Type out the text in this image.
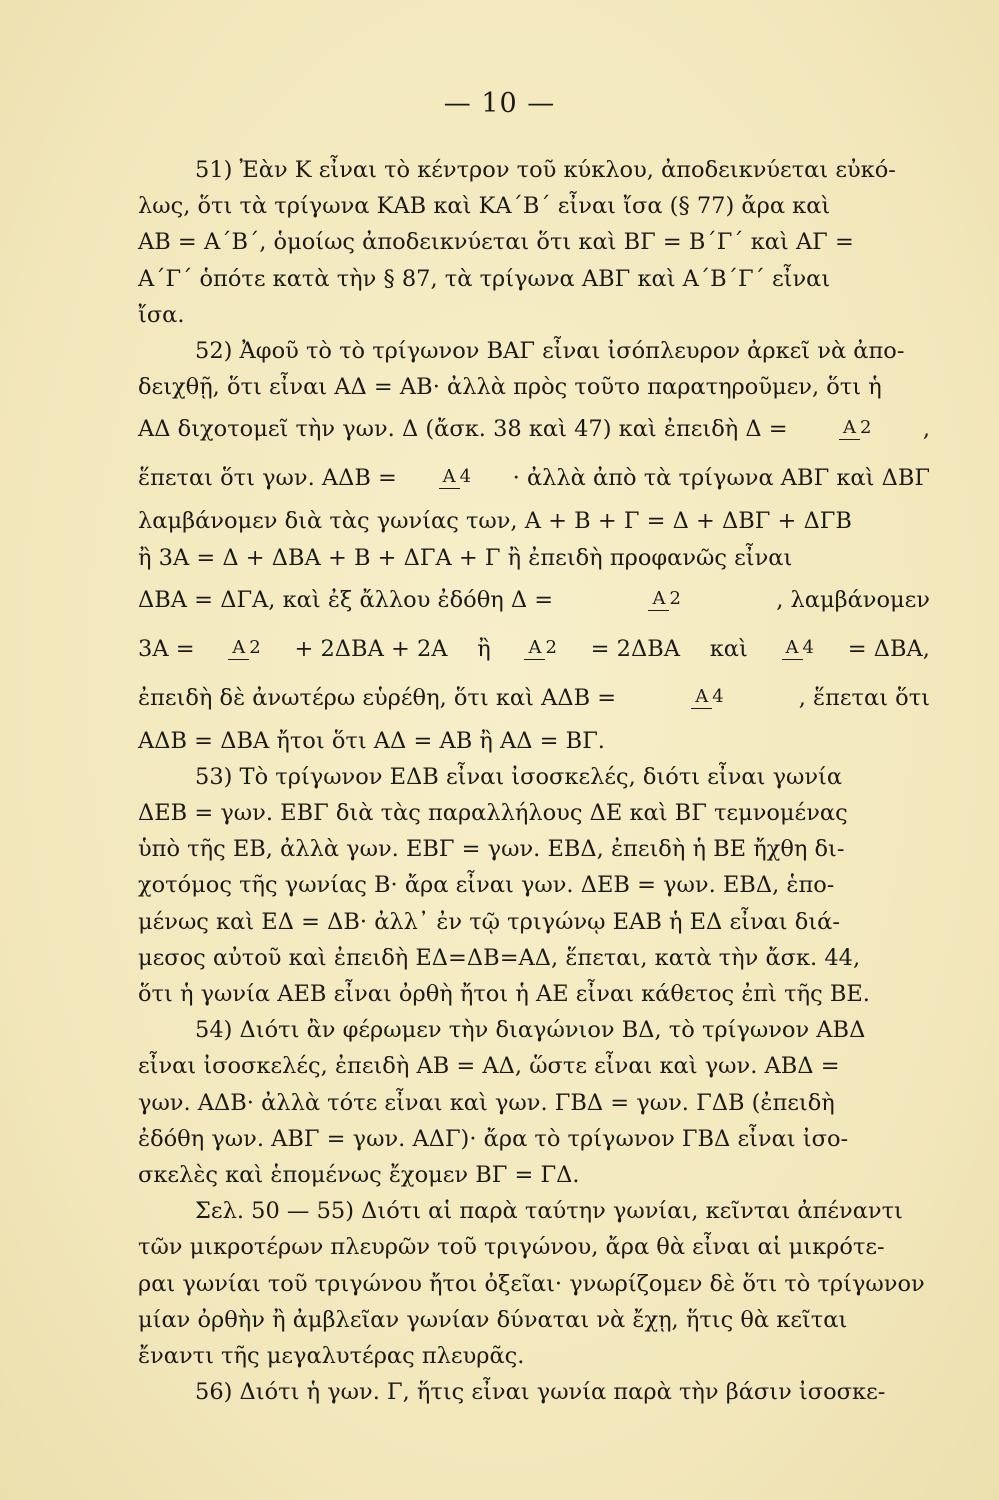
— 10 —
51) Ἐὰν Κ εἶναι τὸ κέντρον τοῦ κύκλου, ἀποδεικνύεται εὐκό-
λως, ὅτι τὰ τρίγωνα ΚΑΒ καὶ ΚΑ΄Β΄ εἶναι ἴσα (§ 77) ἄρα καὶ
ΑΒ = Α΄Β΄, ὁμοίως ἀποδεικνύεται ὅτι καὶ ΒΓ = Β΄Γ΄ καὶ ΑΓ =
Α΄Γ΄ ὁπότε κατὰ τὴν § 87, τὰ τρίγωνα ΑΒΓ καὶ Α΄Β΄Γ΄ εἶναι
ἴσα.
52) Ἀφοῦ τὸ τὸ τρίγωνον ΒΑΓ εἶναι ἰσόπλευρον ἀρκεῖ νὰ ἀπο-
δειχθῇ, ὅτι εἶναι ΑΔ = ΑΒ· ἀλλὰ πρὸς τοῦτο παρατηροῦμεν, ὅτι ἡ
ΑΔ διχοτομεῖ τὴν γων. Δ (ἄσκ. 38 καὶ 47) καὶ ἐπειδὴ Δ =	Α 2 ,
ἕπεται ὅτι γων. ΑΔΒ =	Α 4 · ἀλλὰ ἀπὸ τὰ τρίγωνα ΑΒΓ καὶ ΔΒΓ
λαμβάνομεν διὰ τὰς γωνίας των, Α + Β + Γ = Δ + ΔΒΓ + ΔΓΒ
ἢ 3Α = Δ + ΔΒΑ + Β + ΔΓΑ + Γ ἢ ἐπειδὴ προφανῶς εἶναι
ΔΒΑ = ΔΓΑ, καὶ ἐξ ἄλλου ἐδόθη Δ =	Α 2	, λαμβάνομεν
3Α = Α 2 + 2ΔΒΑ + 2Α ἢ Α 2 = 2ΔΒΑ καὶ Α 4 = ΔΒΑ,
ἐπειδὴ δὲ ἀνωτέρω εὑρέθη, ὅτι καὶ ΑΔΒ =	Α 4	, ἕπεται ὅτι
ΑΔΒ = ΔΒΑ ἤτοι ὅτι ΑΔ = ΑΒ ἢ ΑΔ = ΒΓ.
53) Τὸ τρίγωνον ΕΔΒ εἶναι ἰσοσκελές, διότι εἶναι γωνία
ΔΕΒ = γων. ΕΒΓ διὰ τὰς παραλλήλους ΔΕ καὶ ΒΓ τεμνομένας
ὑπὸ τῆς ΕΒ, ἀλλὰ γων. ΕΒΓ = γων. ΕΒΔ, ἐπειδὴ ἡ ΒΕ ἤχθη δι-
χοτόμος τῆς γωνίας Β· ἄρα εἶναι γων. ΔΕΒ = γων. ΕΒΔ, ἑπο-
μένως καὶ ΕΔ = ΔΒ· ἀλλ᾽ ἐν τῷ τριγώνῳ ΕΑΒ ἡ ΕΔ εἶναι διά-
μεσος αὐτοῦ καὶ ἐπειδὴ ΕΔ=ΔΒ=ΑΔ, ἕπεται, κατὰ τὴν ἄσκ. 44,
ὅτι ἡ γωνία ΑΕΒ εἶναι ὀρθὴ ἤτοι ἡ ΑΕ εἶναι κάθετος ἐπὶ τῆς ΒΕ.
54) Διότι ἂν φέρωμεν τὴν διαγώνιον ΒΔ, τὸ τρίγωνον ΑΒΔ
εἶναι ἰσοσκελές, ἐπειδὴ ΑΒ = ΑΔ, ὥστε εἶναι καὶ γων. ΑΒΔ =
γων. ΑΔΒ· ἀλλὰ τότε εἶναι καὶ γων. ΓΒΔ = γων. ΓΔΒ (ἐπειδὴ
ἐδόθη γων. ΑΒΓ = γων. ΑΔΓ)· ἄρα τὸ τρίγωνον ΓΒΔ εἶναι ἰσο-
σκελὲς καὶ ἑπομένως ἔχομεν ΒΓ = ΓΔ.
Σελ. 50 — 55) Διότι αἱ παρὰ ταύτην γωνίαι, κεῖνται ἀπέναντι
τῶν μικροτέρων πλευρῶν τοῦ τριγώνου, ἄρα θὰ εἶναι αἱ μικρότε-
ραι γωνίαι τοῦ τριγώνου ἤτοι ὀξεῖαι· γνωρίζομεν δὲ ὅτι τὸ τρίγωνον
μίαν ὀρθὴν ἢ ἀμβλεῖαν γωνίαν δύναται νὰ ἔχῃ, ἥτις θὰ κεῖται
ἔναντι τῆς μεγαλυτέρας πλευρᾶς.
56) Διότι ἡ γων. Γ, ἥτις εἶναι γωνία παρὰ τὴν βάσιν ἰσοσκε-
